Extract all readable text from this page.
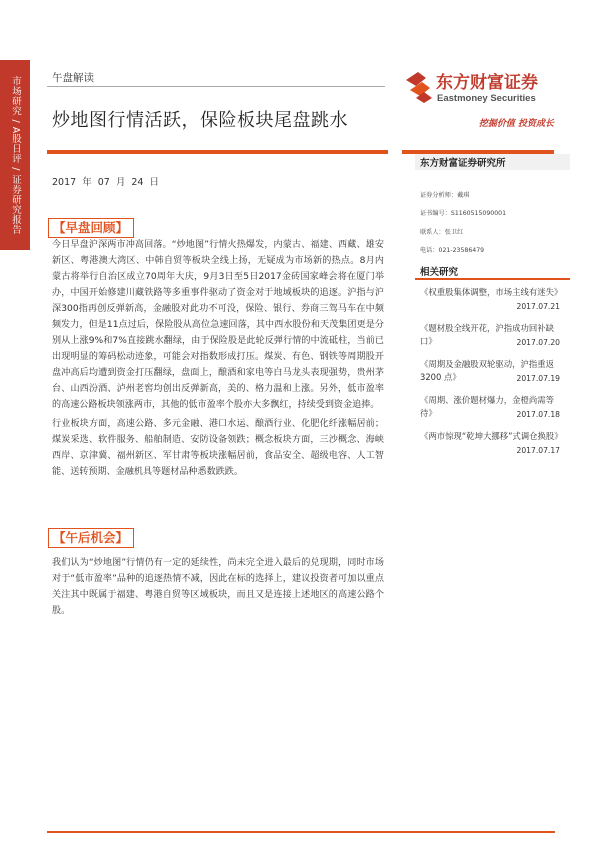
市场研究 / A股日评 / 证券研究报告	午盘解读
炒地图行情活跃，保险板块尾盘跳水
东方财富证券
Eastmoney Securities
挖掘价值 投资成长
2017 年 07 月 24 日
【早盘回顾】
今日早盘沪深两市冲高回落。“炒地图”行情火热爆发，内蒙古、福建、西藏、雄安新区、粤港澳大湾区、中韩自贸等板块全线上扬，无疑成为市场新的热点。8月内蒙古将举行自治区成立70周年大庆，9月3日至5日2017金砖国家峰会将在厦门举办，中国开始修建川藏铁路等多重事件驱动了资金对于地域板块的追逐。沪指与沪深300指再创反弹新高，金融股对此功不可没，保险、银行、券商三驾马车在中频频发力，但是11点过后，保险股从高位急速回落，其中西水股份和天茂集团更是分别从上涨9%和7%直接跳水翻绿，由于保险股是此轮反弹行情的中流砥柱，当前已出现明显的筹码松动迹象，可能会对指数形成打压。煤炭、有色、钢铁等周期股开盘冲高后均遭到资金打压翻绿，盘面上，酿酒和家电等白马龙头表现强势，贵州茅台、山西汾酒、泸州老窖均创出反弹新高，美的、格力温和上涨。另外，低市盈率的高速公路板块领涨两市，其他的低市盈率个股亦大多飘红，持续受到资金追捧。
行业板块方面，高速公路、多元金融、港口水运、酿酒行业、化肥化纤涨幅居前；煤炭采选、软件服务、船舶制造、安防设备领跌；概念板块方面，三沙概念、海峡西岸、京津冀、福州新区、军甘肃等板块涨幅居前，食品安全、超级电容、人工智能、送转预期、金融机具等题材品种悉数跌跌。
【午后机会】
我们认为“炒地图”行情仍有一定的延续性，尚未完全进入最后的兑现期，同时市场对于“低市盈率”品种的追逐热情不减，因此在标的选择上，建议投资者可加以重点关注其中既属于福建、粤港自贸等区域板块，而且又是连接上述地区的高速公路个股。
东方财富证券研究所
证券分析师：戴琪
证书编号：S1160515090001
联系人：张卫红
电话：021-23586479
相关研究
《权重股集体调整，市场主线有迷失》
2017.07.21
《题材股全线开花，沪指成功回补缺口》	2017.07.20
《周期及金融股双轮驱动，沪指重返 3200 点》	2017.07.19
《周期、涨价题材爆力，金橙尚需等待》	2017.07.18
《两市惊现“乾坤大挪移”式调仓换股》
2017.07.17
